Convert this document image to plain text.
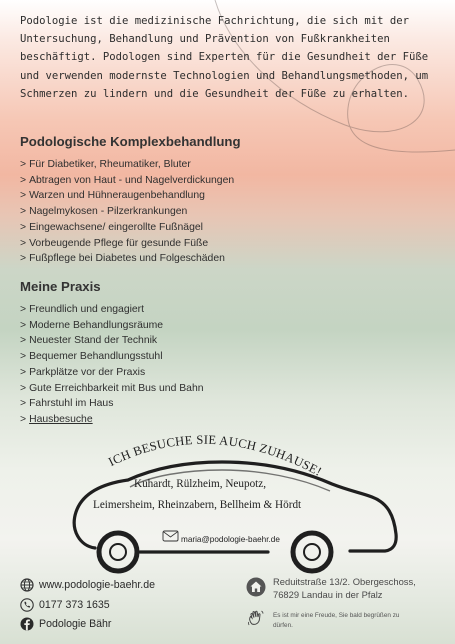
Podologie ist die medizinische Fachrichtung, die sich mit der Untersuchung, Behandlung und Prävention von Fußkrankheiten beschäftigt. Podologen sind Experten für die Gesundheit der Füße und verwenden modernste Technologien und Behandlungsmethoden, um Schmerzen zu lindern und die Gesundheit der Füße zu erhalten.

Podologische Komplexbehandlung
> Für Diabetiker, Rheumatiker, Bluter
> Abtragen von Haut - und Nagelverdickungen
> Warzen und Hühneraugenbehandlung
> Nagelmykosen - Pilzerkrankungen
> Eingewachsene/ eingerollte Fußnägel
> Vorbeugende Pflege für gesunde Füße
> Fußpflege bei Diabetes und Folgeschäden
Meine Praxis
> Freundlich und engagiert
> Moderne Behandlungsräume
> Neuester Stand der Technik
> Bequemer Behandlungsstuhl
> Parkplätze vor der Praxis
> Gute Erreichbarkeit mit Bus und Bahn
> Fahrstuhl im Haus
> Hausbesuche
ICH BESUCHE SIE AUCH ZUHAUSE!
Kuhardt, Rülzheim, Neupotz,
Leimersheim, Rheinzabern, Bellheim & Hördt
maria@podologie-baehr.de
www.podologie-baehr.de
0177 373 1635
Podologie Bähr
Reduitstraße 13/2. Obergeschoss,
76829 Landau in der Pfalz
Es ist mir eine Freude, Sie bald begrüßen zu
dürfen.
